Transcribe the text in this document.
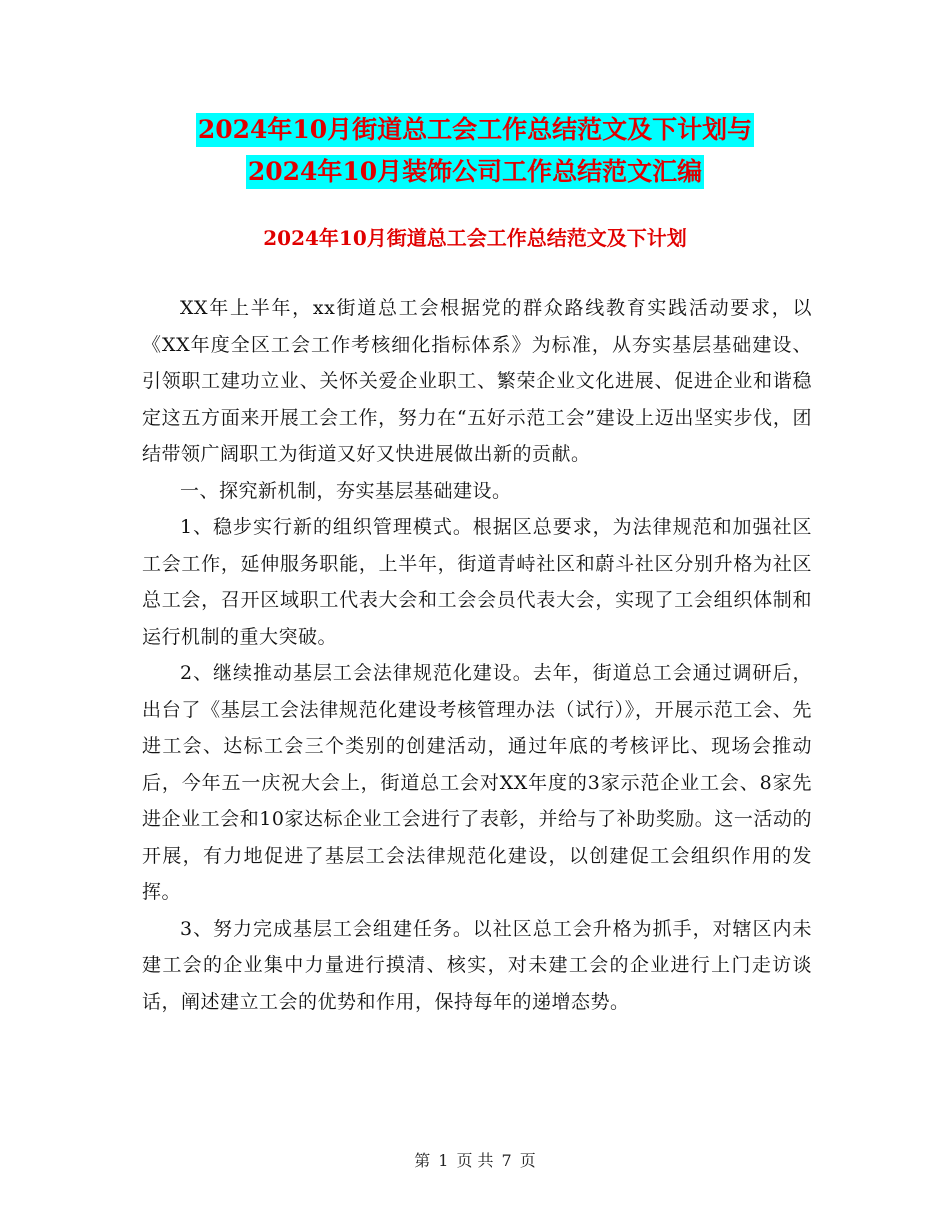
2024年10月街道总工会工作总结范文及下计划与
2024年10月装饰公司工作总结范文汇编
2024年10月街道总工会工作总结范文及下计划

XX年上半年，xx街道总工会根据党的群众路线教育实践活动要求，以《XX年度全区工会工作考核细化指标体系》为标准，从夯实基层基础建设、引领职工建功立业、关怀关爱企业职工、繁荣企业文化进展、促进企业和谐稳定这五方面来开展工会工作，努力在“五好示范工会”建设上迈出坚实步伐，团结带领广阔职工为街道又好又快进展做出新的贡献。

一、探究新机制，夯实基层基础建设。

1、稳步实行新的组织管理模式。根据区总要求，为法律规范和加强社区工会工作，延伸服务职能，上半年，街道青峙社区和蔚斗社区分别升格为社区总工会，召开区域职工代表大会和工会会员代表大会，实现了工会组织体制和运行机制的重大突破。

2、继续推动基层工会法律规范化建设。去年，街道总工会通过调研后，出台了《基层工会法律规范化建设考核管理办法（试行）》，开展示范工会、先进工会、达标工会三个类别的创建活动，通过年底的考核评比、现场会推动后，今年五一庆祝大会上，街道总工会对XX年度的3家示范企业工会、8家先进企业工会和10家达标企业工会进行了表彰，并给与了补助奖励。这一活动的开展，有力地促进了基层工会法律规范化建设，以创建促工会组织作用的发挥。

3、努力完成基层工会组建任务。以社区总工会升格为抓手，对辖区内未建工会的企业集中力量进行摸清、核实，对未建工会的企业进行上门走访谈话，阐述建立工会的优势和作用，保持每年的递增态势。

第 1 页 共 7 页
